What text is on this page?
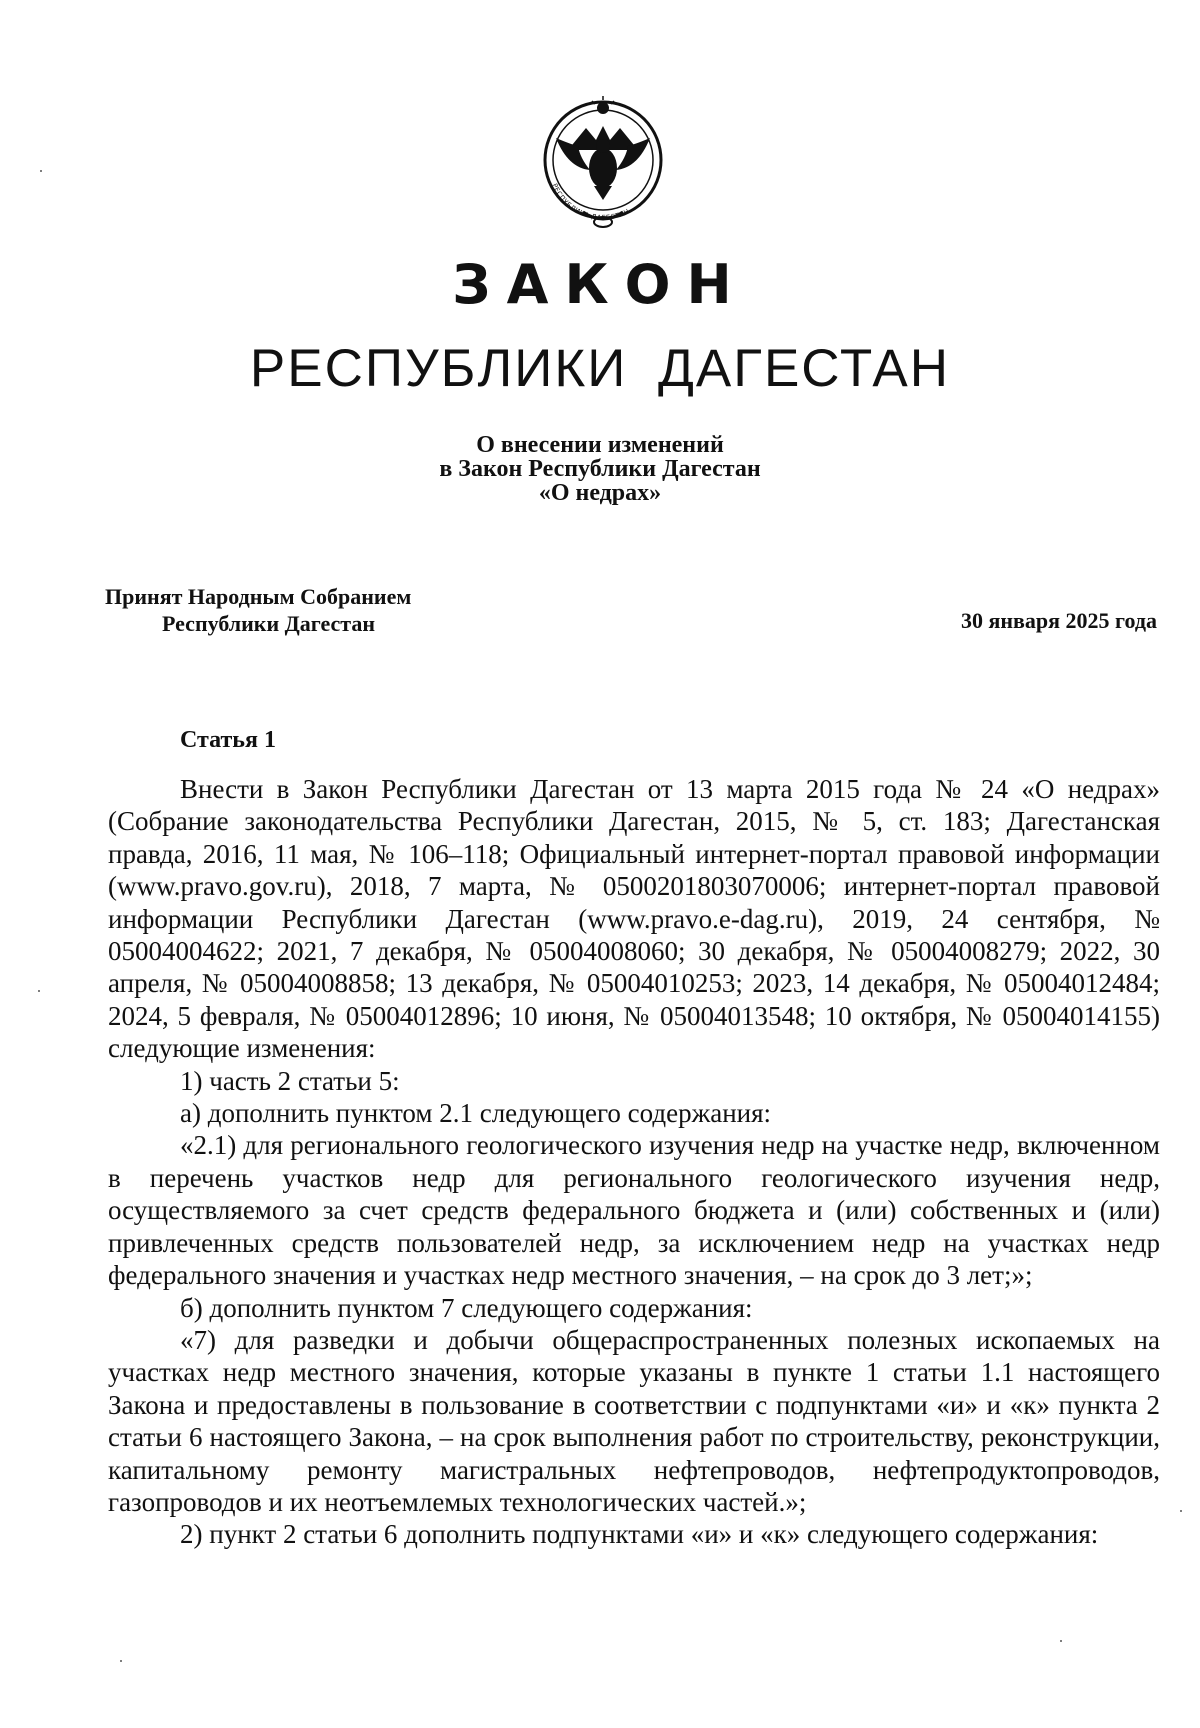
РЕСПУБЛИКА ДАГЕСТАН
ЗАКОН
РЕСПУБЛИКИ ДАГЕСТАН
О внесении изменений
в Закон Республики Дагестан
«О недрах»
Принят Народным Собранием
Республики Дагестан	30 января 2025 года
Статья 1

Внести в Закон Республики Дагестан от 13 марта 2015 года № 24 «О недрах» (Собрание законодательства Республики Дагестан, 2015, № 5, ст. 183; Дагестанская правда, 2016, 11 мая, № 106–118; Официальный интернет-портал правовой информации (www.pravo.gov.ru), 2018, 7 марта, № 0500201803070006; интернет-портал правовой информации Республики Дагестан (www.pravo.e-dag.ru), 2019, 24 сентября, № 05004004622; 2021, 7 декабря, № 05004008060; 30 декабря, № 05004008279; 2022, 30 апреля, № 05004008858; 13 декабря, № 05004010253; 2023, 14 декабря, № 05004012484; 2024, 5 февраля, № 05004012896; 10 июня, № 05004013548; 10 октября, № 05004014155) следующие изменения:

1) часть 2 статьи 5:

а) дополнить пунктом 2.1 следующего содержания:

«2.1) для регионального геологического изучения недр на участке недр, включенном в перечень участков недр для регионального геологического изучения недр, осуществляемого за счет средств федерального бюджета и (или) собственных и (или) привлеченных средств пользователей недр, за исключением недр на участках недр федерального значения и участках недр местного значения, – на срок до 3 лет;»;

б) дополнить пунктом 7 следующего содержания:

«7) для разведки и добычи общераспространенных полезных ископаемых на участках недр местного значения, которые указаны в пункте 1 статьи 1.1 настоящего Закона и предоставлены в пользование в соответствии с подпунктами «и» и «к» пункта 2 статьи 6 настоящего Закона, – на срок выполнения работ по строительству, реконструкции, капитальному ремонту магистральных нефтепроводов, нефтепродуктопроводов, газопроводов и их неотъемлемых технологических частей.»;

2) пункт 2 статьи 6 дополнить подпунктами «и» и «к» следующего содержания:
